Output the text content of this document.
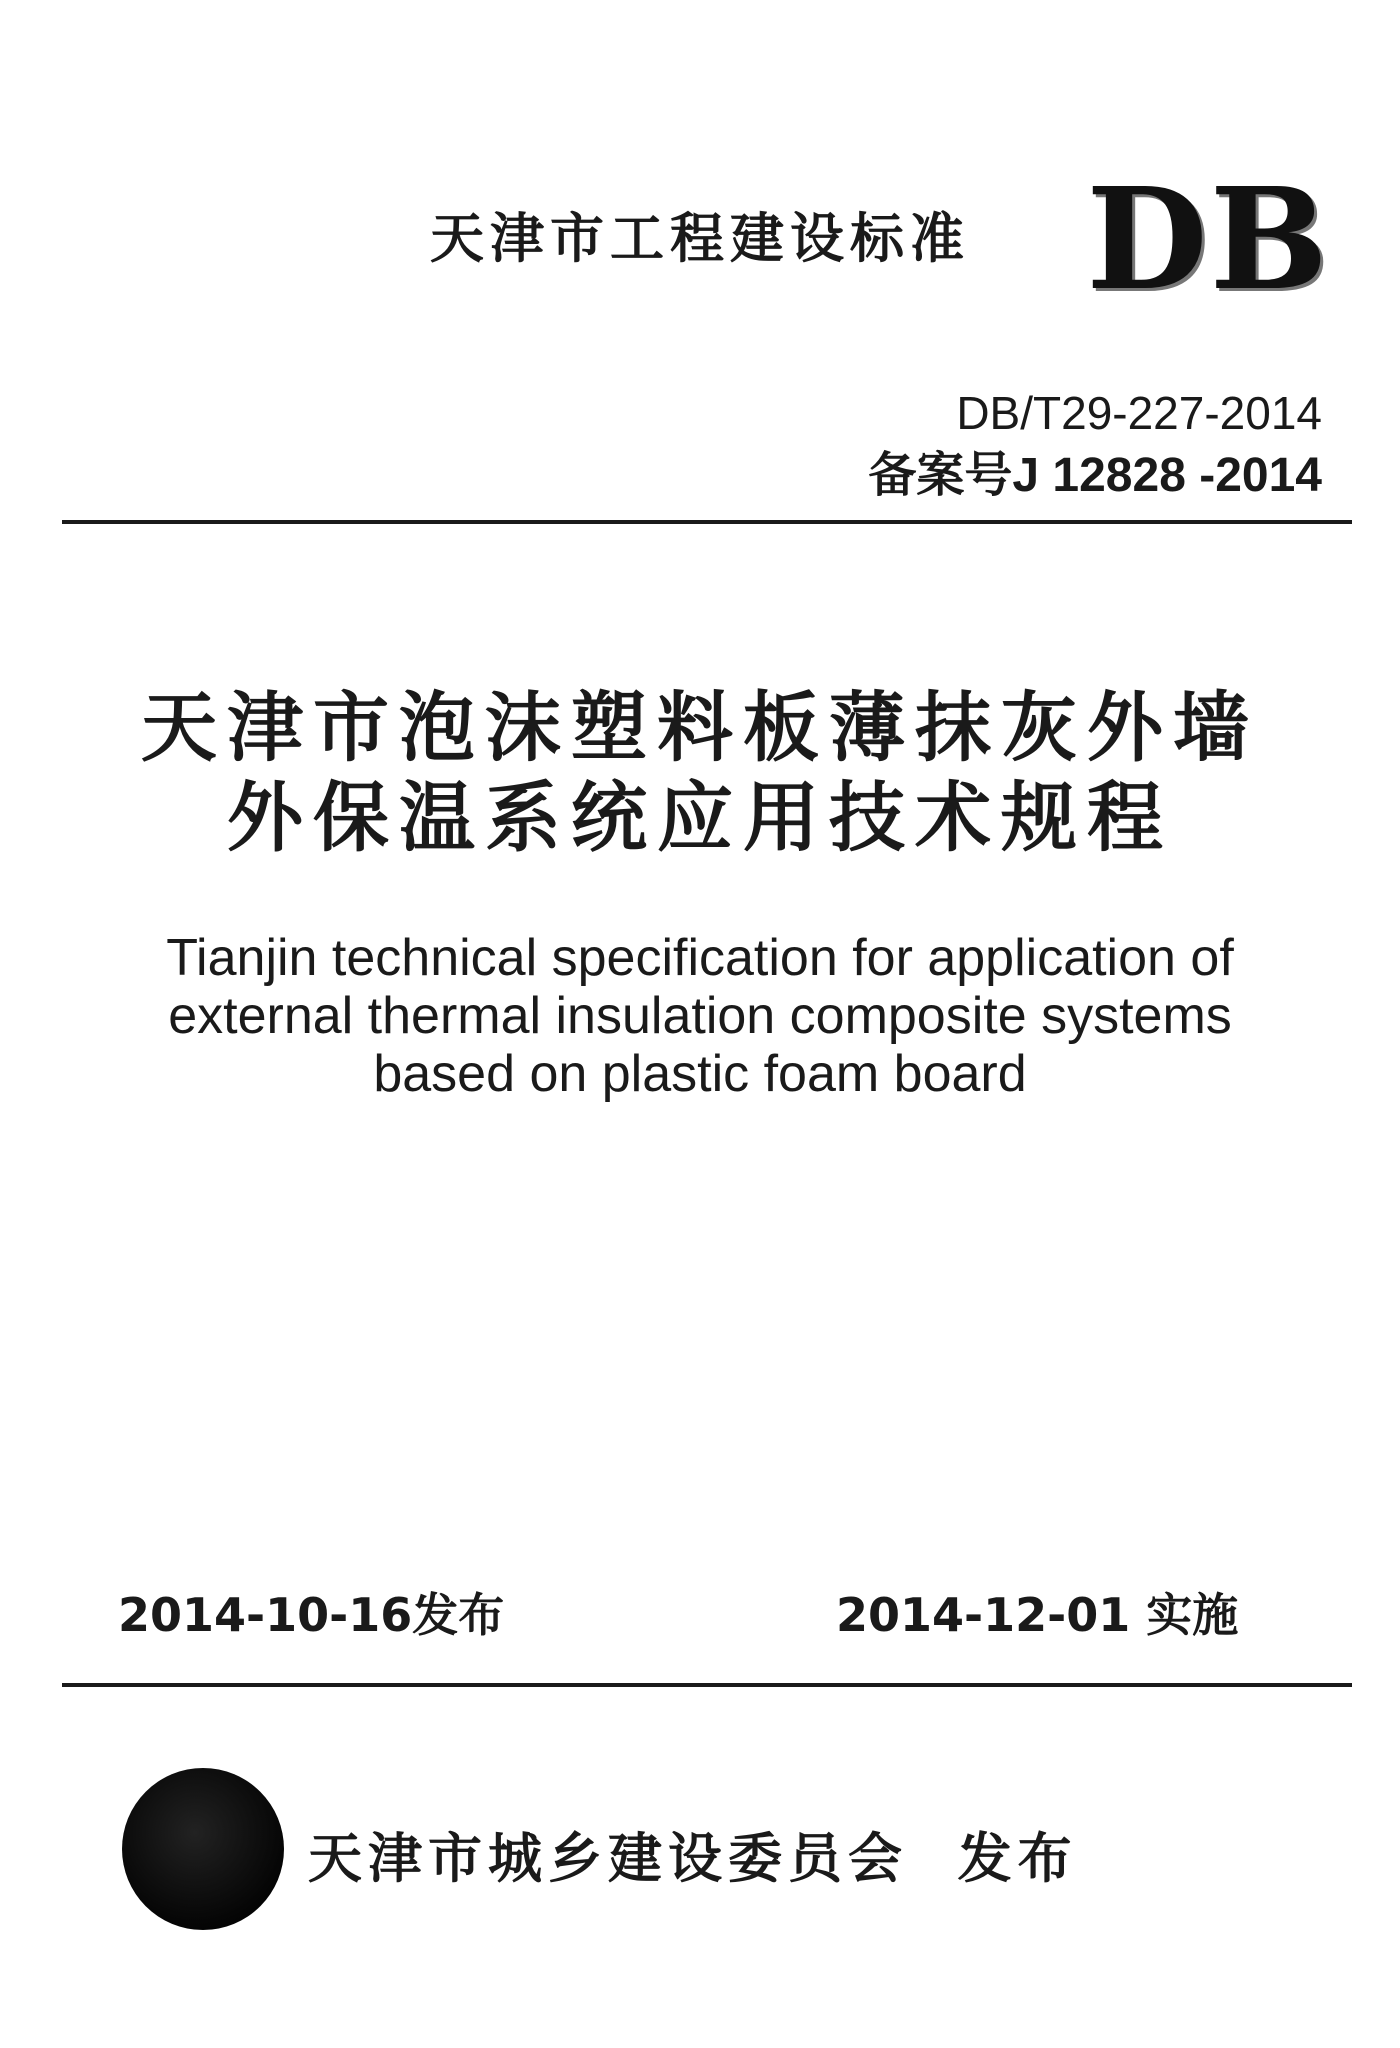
天津市工程建设标准 DB
DB/T29-227-2014
备案号J 12828 -2014
天津市泡沫塑料板薄抹灰外墙
外保温系统应用技术规程
Tianjin technical specification for application of
external thermal insulation composite systems
based on plastic foam board
2014-10-16发布	2014-12-01 实施
天津市城乡建设委员会  发布
